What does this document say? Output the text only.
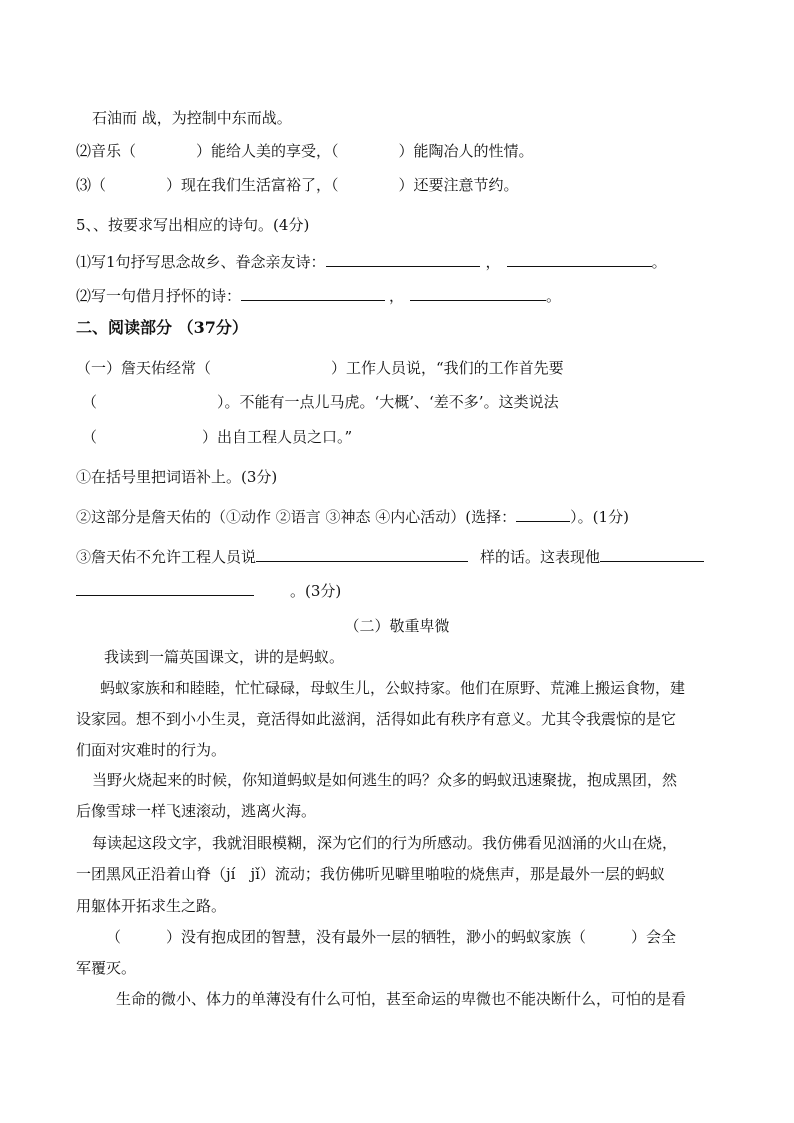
石油而 战，为控制中东而战。
⑵音乐（　　　　）能给人美的享受，（　　　　）能陶冶人的性情。
⑶（　　　　）现在我们生活富裕了，（　　　　）还要注意节约。
5、、按要求写出相应的诗句。(4分)
⑴写1句抒写思念故乡、眷念亲友诗：	，	。
⑵写一句借月抒怀的诗：	，	。
二、阅读部分 （37分）
（一）詹天佑经常（　　　　　　　　）工作人员说，“我们的工作首先要
（　　　　　　　　）。不能有一点儿马虎。‘大概’、‘差不多’。这类说法
（　　　　　　　）出自工程人员之口。”
①在括号里把词语补上。(3分)
②这部分是詹天佑的（①动作 ②语言 ③神态 ④内心活动）(选择：	）。(1分)
③詹天佑不允许工程人员说	样的话。这表现他
。(3分)
（二）敬重卑微
我读到一篇英国课文，讲的是蚂蚁。
蚂蚁家族和和睦睦，忙忙碌碌，母蚁生儿，公蚁持家。他们在原野、荒滩上搬运食物，建
设家园。想不到小小生灵，竟活得如此滋润，活得如此有秩序有意义。尤其令我震惊的是它
们面对灾难时的行为。
当野火烧起来的时候，你知道蚂蚁是如何逃生的吗？众多的蚂蚁迅速聚拢，抱成黑团，然
后像雪球一样飞速滚动，逃离火海。
每读起这段文字，我就泪眼模糊，深为它们的行为所感动。我仿佛看见汹涌的火山在烧，
一团黑风正沿着山脊（jí　jǐ）流动；我仿佛听见噼里啪啦的烧焦声，那是最外一层的蚂蚁
用躯体开拓求生之路。
（　　　）没有抱成团的智慧，没有最外一层的牺牲，渺小的蚂蚁家族（　　　）会全
军覆灭。
生命的微小、体力的单薄没有什么可怕，甚至命运的卑微也不能决断什么，可怕的是看
